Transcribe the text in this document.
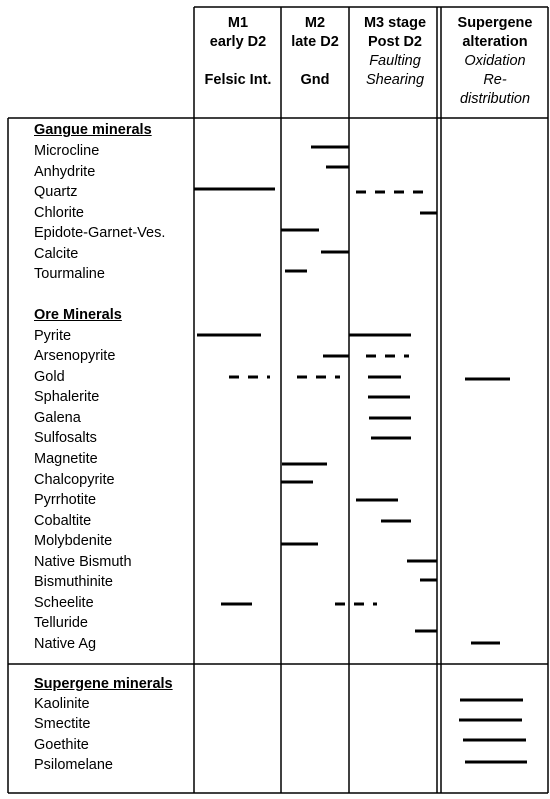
M1
early D2
Felsic Int.
M2
late D2
Gnd
M3 stage
Post D2
Faulting
Shearing
Supergene
alteration
Oxidation
Re-
distribution
Gangue minerals
Ore Minerals
Supergene minerals
Microcline
Anhydrite
Quartz
Chlorite
Epidote-Garnet-Ves.
Calcite
Tourmaline
Pyrite
Arsenopyrite
Gold
Sphalerite
Galena
Sulfosalts
Magnetite
Chalcopyrite
Pyrrhotite
Cobaltite
Molybdenite
Native Bismuth
Bismuthinite
Scheelite
Telluride
Native Ag
Kaolinite
Smectite
Goethite
Psilomelane
